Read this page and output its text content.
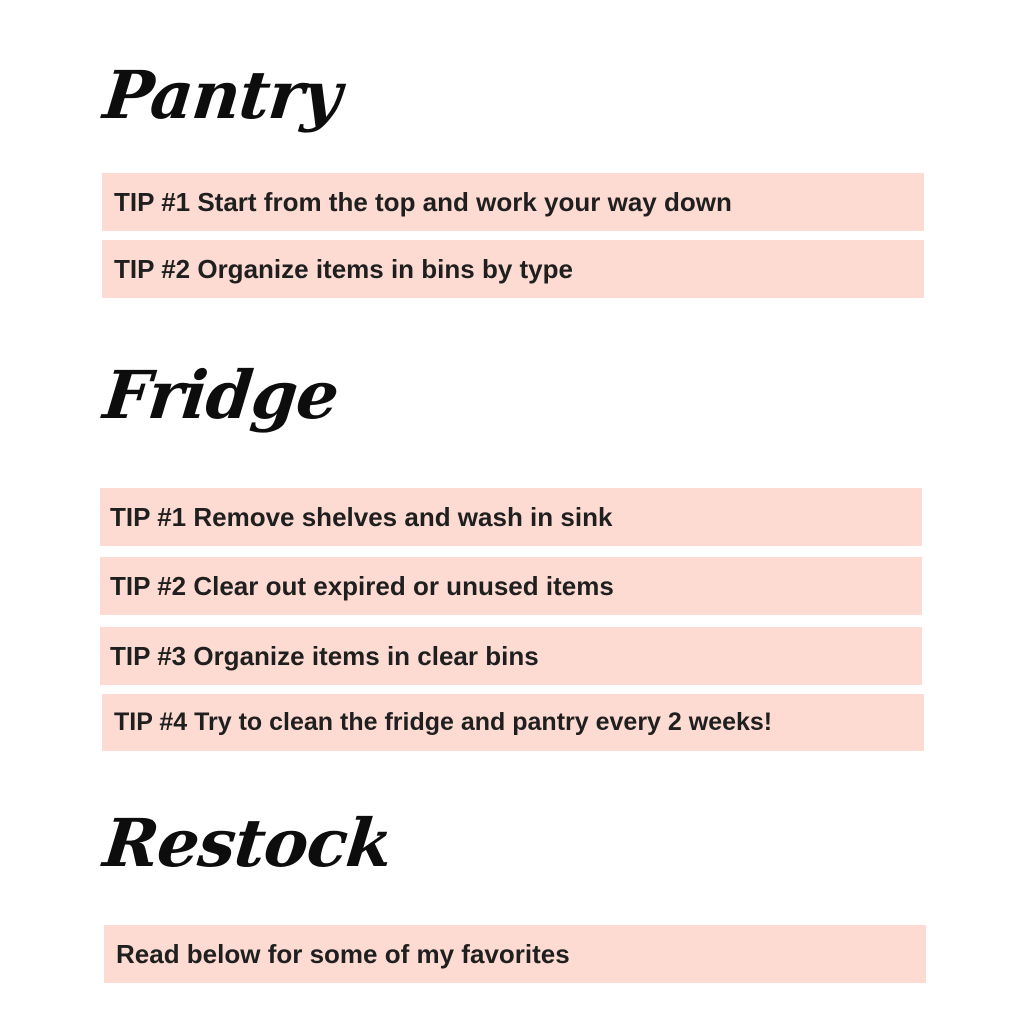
Pantry
TIP #1 Start from the top and work your way down
TIP #2 Organize items in bins by type
Fridge
TIP #1 Remove shelves and wash in sink
TIP #2 Clear out expired or unused items
TIP #3 Organize items in clear bins
TIP #4 Try to clean the fridge and pantry every 2 weeks!
Restock
Read below for some of my favorites
